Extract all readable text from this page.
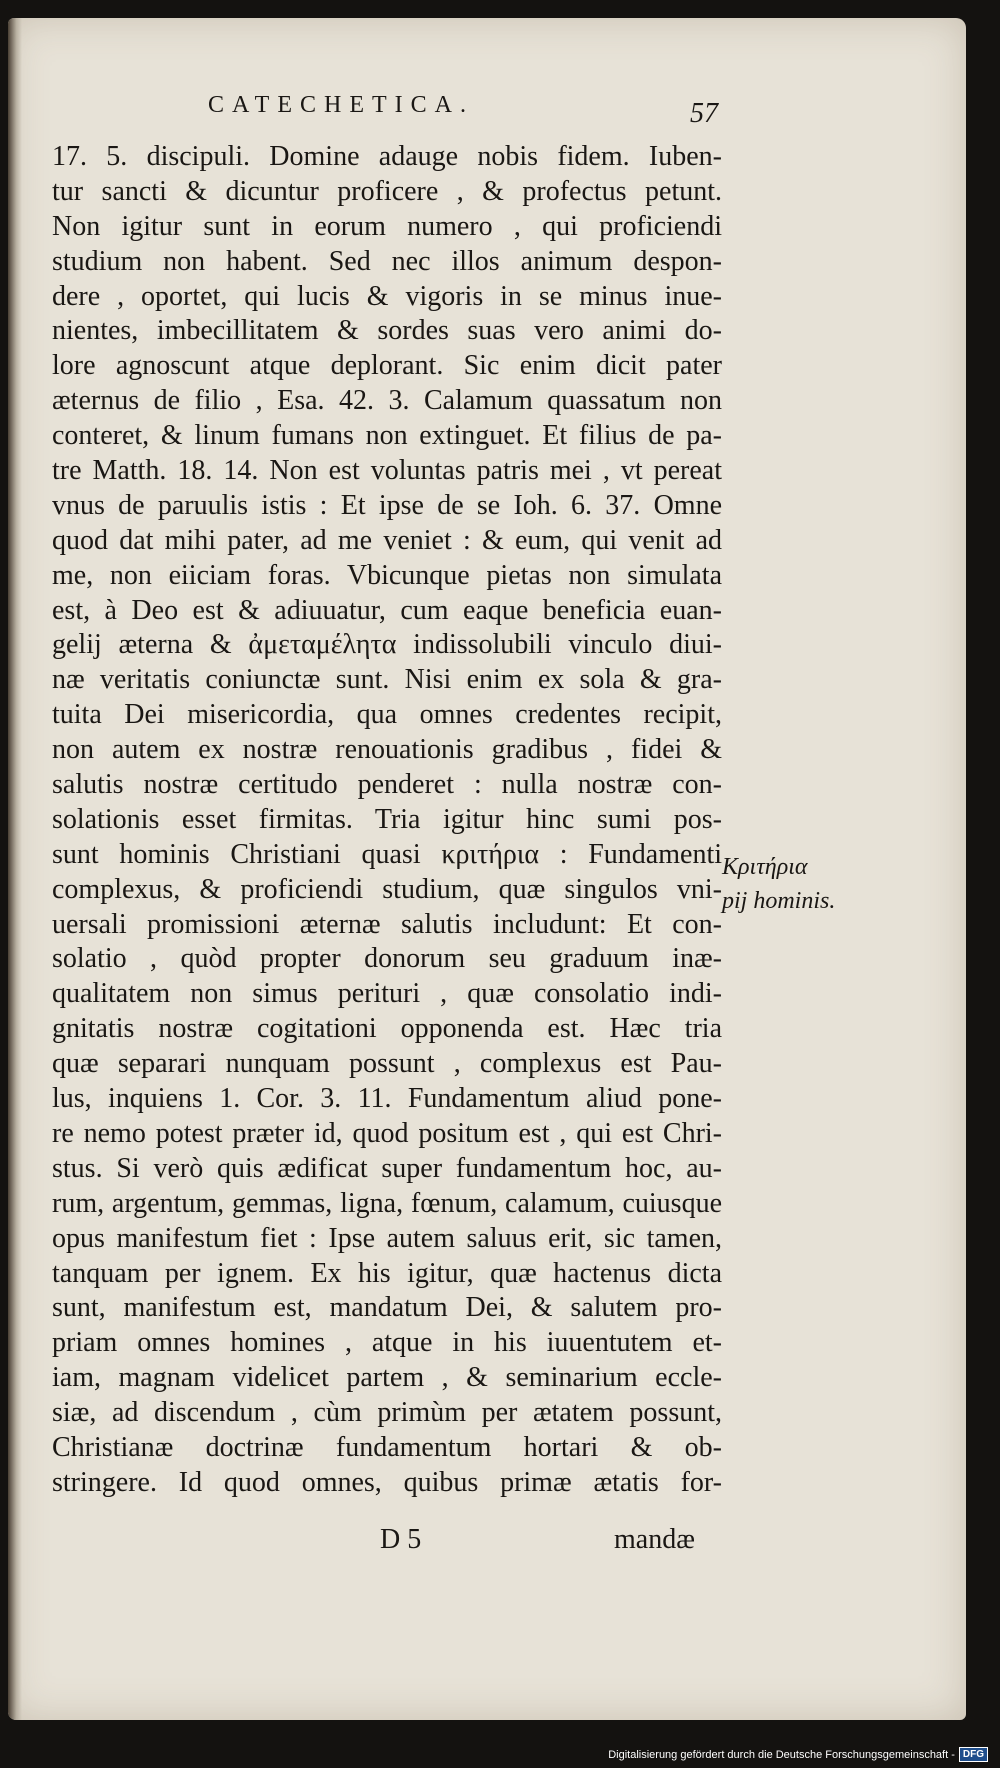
CATECHETICA.	57
17. 5. discipuli. Domine adauge nobis fidem. Iuben-
tur sancti & dicuntur proficere , & profectus petunt.
Non igitur sunt in eorum numero , qui proficiendi
studium non habent. Sed nec illos animum despon-
dere , oportet, qui lucis & vigoris in se minus inue-
nientes, imbecillitatem & sordes suas vero animi do-
lore agnoscunt atque deplorant. Sic enim dicit pater
æternus de filio , Esa. 42. 3. Calamum quassatum non
conteret, & linum fumans non extinguet. Et filius de pa-
tre Matth. 18. 14. Non est voluntas patris mei , vt pereat
vnus de paruulis istis : Et ipse de se Ioh. 6. 37. Omne
quod dat mihi pater, ad me veniet : & eum, qui venit ad
me, non eiiciam foras. Vbicunque pietas non simulata
est, à Deo est & adiuuatur, cum eaque beneficia euan-
gelij æterna & ἀμεταμέλητα indissolubili vinculo diui-
næ veritatis coniunctæ sunt. Nisi enim ex sola & gra-
tuita Dei misericordia, qua omnes credentes recipit,
non autem ex nostræ renouationis gradibus , fidei &
salutis nostræ certitudo penderet : nulla nostræ con-
solationis esset firmitas. Tria igitur hinc sumi pos-
sunt hominis Christiani quasi κριτήρια : Fundamenti
complexus, & proficiendi studium, quæ singulos vni-
uersali promissioni æternæ salutis includunt: Et con-
solatio , quòd propter donorum seu graduum inæ-
qualitatem non simus perituri , quæ consolatio indi-
gnitatis nostræ cogitationi opponenda est. Hæc tria
quæ separari nunquam possunt , complexus est Pau-
lus, inquiens 1. Cor. 3. 11. Fundamentum aliud pone-
re nemo potest præter id, quod positum est , qui est Chri-
stus. Si verò quis ædificat super fundamentum hoc, au-
rum, argentum, gemmas, ligna, fœnum, calamum, cuiusque
opus manifestum fiet : Ipse autem saluus erit, sic tamen,
tanquam per ignem. Ex his igitur, quæ hactenus dicta
sunt, manifestum est, mandatum Dei, & salutem pro-
priam omnes homines , atque in his iuuentutem et-
iam, magnam videlicet partem , & seminarium eccle-
siæ, ad discendum , cùm primùm per ætatem possunt,
Christianæ doctrinæ fundamentum hortari & ob-
stringere. Id quod omnes, quibus primæ ætatis for-
Κριτήρια
pij hominis.
D 5	mandæ
Digitalisierung gefördert durch die Deutsche Forschungsgemeinschaft - DFG
